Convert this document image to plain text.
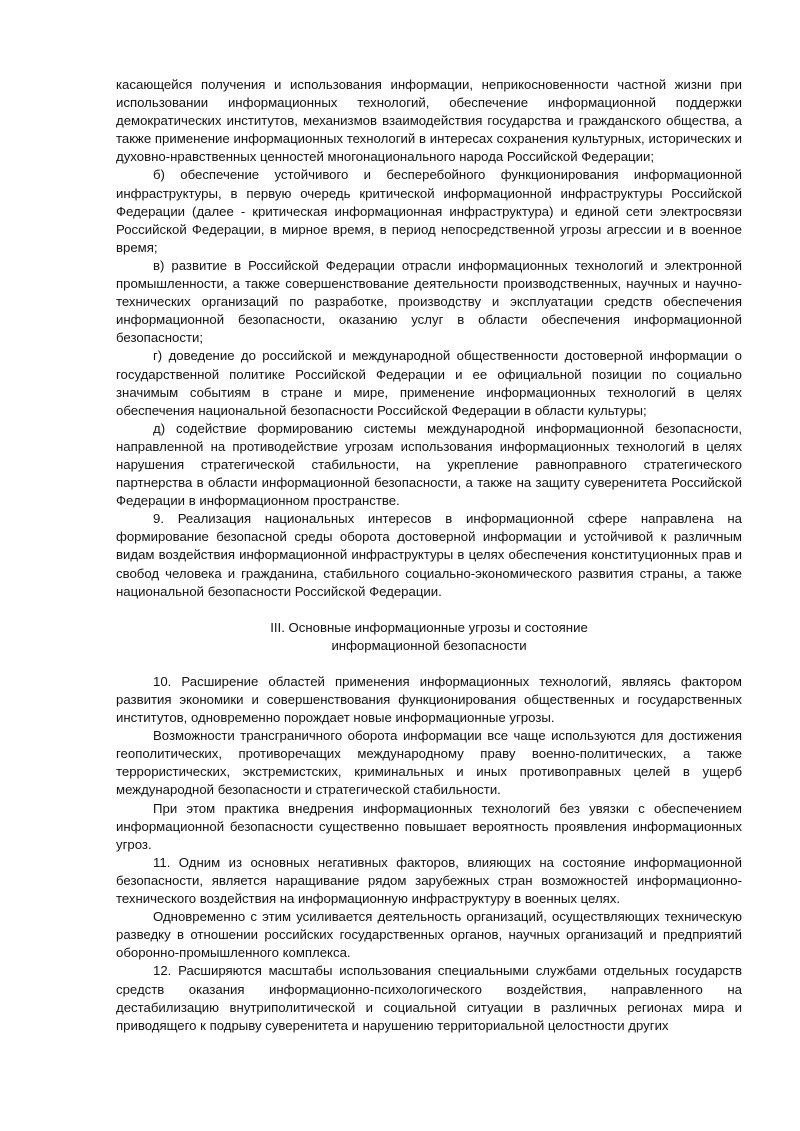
касающейся получения и использования информации, неприкосновенности частной жизни при использовании информационных технологий, обеспечение информационной поддержки демократических институтов, механизмов взаимодействия государства и гражданского общества, а также применение информационных технологий в интересах сохранения культурных, исторических и духовно-нравственных ценностей многонационального народа Российской Федерации;

б) обеспечение устойчивого и бесперебойного функционирования информационной инфраструктуры, в первую очередь критической информационной инфраструктуры Российской Федерации (далее - критическая информационная инфраструктура) и единой сети электросвязи Российской Федерации, в мирное время, в период непосредственной угрозы агрессии и в военное время;

в) развитие в Российской Федерации отрасли информационных технологий и электронной промышленности, а также совершенствование деятельности производственных, научных и научно-технических организаций по разработке, производству и эксплуатации средств обеспечения информационной безопасности, оказанию услуг в области обеспечения информационной безопасности;

г) доведение до российской и международной общественности достоверной информации о государственной политике Российской Федерации и ее официальной позиции по социально значимым событиям в стране и мире, применение информационных технологий в целях обеспечения национальной безопасности Российской Федерации в области культуры;

д) содействие формированию системы международной информационной безопасности, направленной на противодействие угрозам использования информационных технологий в целях нарушения стратегической стабильности, на укрепление равноправного стратегического партнерства в области информационной безопасности, а также на защиту суверенитета Российской Федерации в информационном пространстве.

9. Реализация национальных интересов в информационной сфере направлена на формирование безопасной среды оборота достоверной информации и устойчивой к различным видам воздействия информационной инфраструктуры в целях обеспечения конституционных прав и свобод человека и гражданина, стабильного социально-экономического развития страны, а также национальной безопасности Российской Федерации.

III. Основные информационные угрозы и состояние
информационной безопасности

10. Расширение областей применения информационных технологий, являясь фактором развития экономики и совершенствования функционирования общественных и государственных институтов, одновременно порождает новые информационные угрозы.

Возможности трансграничного оборота информации все чаще используются для достижения геополитических, противоречащих международному праву военно-политических, а также террористических, экстремистских, криминальных и иных противоправных целей в ущерб международной безопасности и стратегической стабильности.

При этом практика внедрения информационных технологий без увязки с обеспечением информационной безопасности существенно повышает вероятность проявления информационных угроз.

11. Одним из основных негативных факторов, влияющих на состояние информационной безопасности, является наращивание рядом зарубежных стран возможностей информационно-технического воздействия на информационную инфраструктуру в военных целях.

Одновременно с этим усиливается деятельность организаций, осуществляющих техническую разведку в отношении российских государственных органов, научных организаций и предприятий оборонно-промышленного комплекса.

12. Расширяются масштабы использования специальными службами отдельных государств средств оказания информационно-психологического воздействия, направленного на дестабилизацию внутриполитической и социальной ситуации в различных регионах мира и приводящего к подрыву суверенитета и нарушению территориальной целостности других
